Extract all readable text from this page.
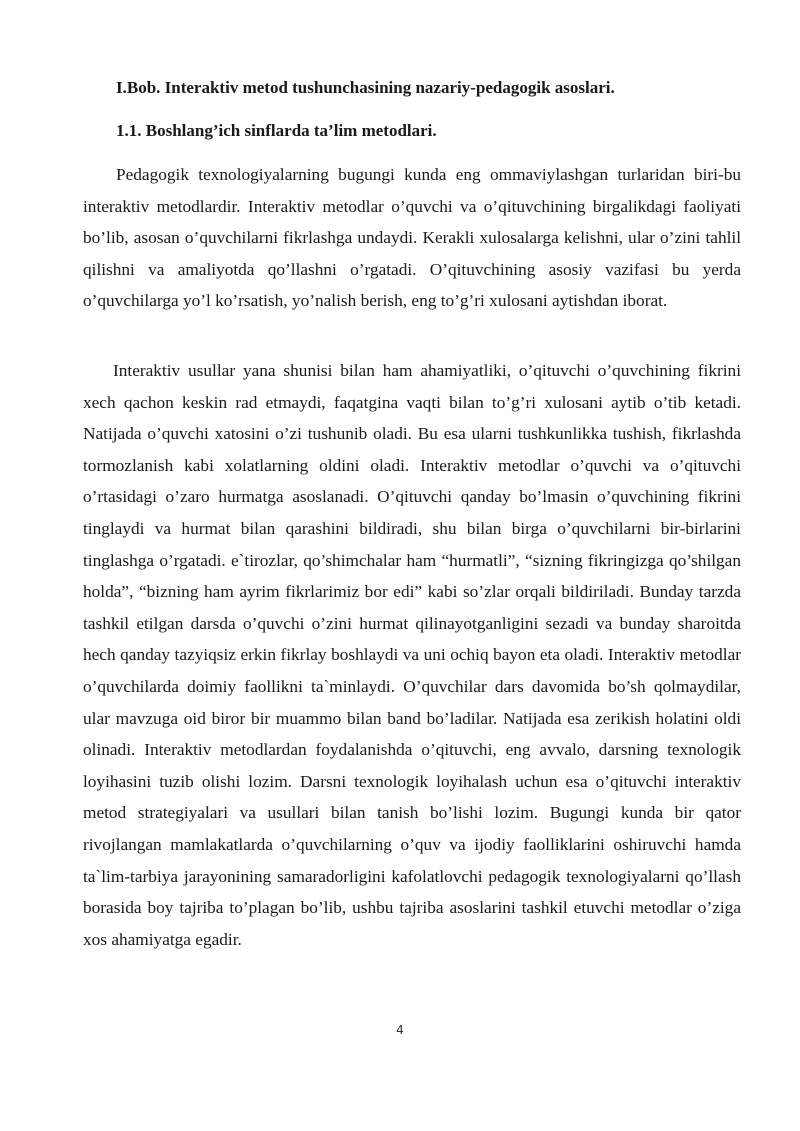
I.Bob. Interaktiv metod tushunchasining nazariy-pedagogik asoslari.
1.1. Boshlang’ich sinflarda ta’lim metodlari.
Pedagogik texnologiyalarning bugungi kunda eng ommaviylashgan turlaridan biri-bu interaktiv metodlardir. Interaktiv metodlar o’quvchi va o’qituvchining birgalikdagi faoliyati bo’lib, asosan o’quvchilarni fikrlashga undaydi. Kerakli xulosalarga kelishni, ular o’zini tahlil qilishni va amaliyotda qo’llashni o’rgatadi. O’qituvchining asosiy vazifasi bu yerda o’quvchilarga yo’l ko’rsatish, yo’nalish berish, eng to’g’ri xulosani aytishdan iborat.
Interaktiv usullar yana shunisi bilan ham ahamiyatliki, o’qituvchi o’quvchining fikrini xech qachon keskin rad etmaydi, faqatgina vaqti bilan to’g’ri xulosani aytib o’tib ketadi. Natijada o’quvchi xatosini o’zi tushunib oladi. Bu esa ularni tushkunlikka tushish, fikrlashda tormozlanish kabi xolatlarning oldini oladi. Interaktiv metodlar o’quvchi va o’qituvchi o’rtasidagi o’zaro hurmatga asoslanadi. O’qituvchi qanday bo’lmasin o’quvchining fikrini tinglaydi va hurmat bilan qarashini bildiradi, shu bilan birga o’quvchilarni bir-birlarini tinglashga o’rgatadi. e`tirozlar, qo’shimchalar ham “hurmatli”, “sizning fikringizga qo’shilgan holda”, “bizning ham ayrim fikrlarimiz bor edi” kabi so’zlar orqali bildiriladi. Bunday tarzda tashkil etilgan darsda o’quvchi o’zini hurmat qilinayotganligini sezadi va bunday sharoitda hech qanday tazyiqsiz erkin fikrlay boshlaydi va uni ochiq bayon eta oladi. Interaktiv metodlar o’quvchilarda doimiy faollikni ta`minlaydi. O’quvchilar dars davomida bo’sh qolmaydilar, ular mavzuga oid biror bir muammo bilan band bo’ladilar. Natijada esa zerikish holatini oldi olinadi. Interaktiv metodlardan foydalanishda o’qituvchi, eng avvalo, darsning texnologik loyihasini tuzib olishi lozim. Darsni texnologik loyihalash uchun esa o’qituvchi interaktiv metod strategiyalari va usullari bilan tanish bo’lishi lozim. Bugungi kunda bir qator rivojlangan mamlakatlarda o’quvchilarning o’quv va ijodiy faolliklarini oshiruvchi hamda ta`lim-tarbiya jarayonining samaradorligini kafolatlovchi pedagogik texnologiyalarni qo’llash borasida boy tajriba to’plagan bo’lib, ushbu tajriba asoslarini tashkil etuvchi metodlar o’ziga xos ahamiyatga egadir.
4
